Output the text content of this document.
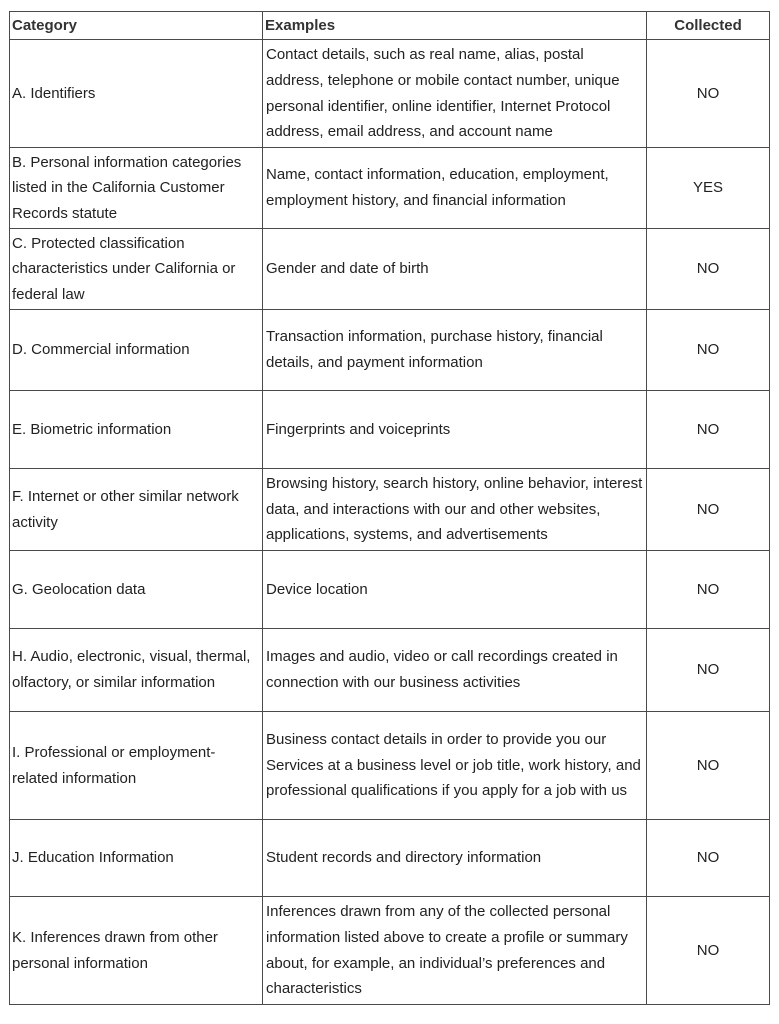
Category	Examples	Collected
A. Identifiers	Contact details, such as real name, alias, postal address, telephone or mobile contact number, unique personal identifier, online identifier, Internet Protocol address, email address, and account name	NO
B. Personal information categories listed in the California Customer Records statute	Name, contact information, education, employment, employment history, and financial information	YES
C. Protected classification characteristics under California or federal law	Gender and date of birth	NO
D. Commercial information	Transaction information, purchase history, financial details, and payment information	NO
E. Biometric information	Fingerprints and voiceprints	NO
F. Internet or other similar network activity	Browsing history, search history, online behavior, interest data, and interactions with our and other websites, applications, systems, and advertisements	NO
G. Geolocation data	Device location	NO
H. Audio, electronic, visual, thermal, olfactory, or similar information	Images and audio, video or call recordings created in connection with our business activities	NO
I. Professional or employment-related information	Business contact details in order to provide you our Services at a business level or job title, work history, and professional qualifications if you apply for a job with us	NO
J. Education Information	Student records and directory information	NO
K. Inferences drawn from other personal information	Inferences drawn from any of the collected personal information listed above to create a profile or summary about, for example, an individual’s preferences and characteristics	NO
